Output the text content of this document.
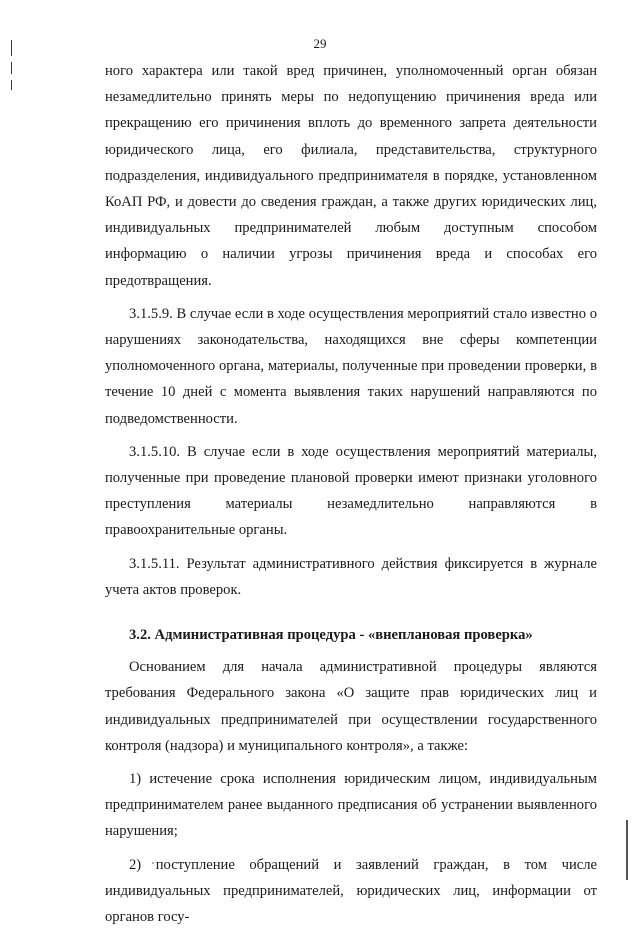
29

ного характера или такой вред причинен, уполномоченный орган обязан незамедлительно принять меры по недопущению причинения вреда или прекращению его причинения вплоть до временного запрета деятельности юридического лица, его филиала, представительства, структурного подразделения, индивидуального предпринимателя в порядке, установленном КоАП РФ, и довести до сведения граждан, а также других юридических лиц, индивидуальных предпринимателей любым доступным способом информацию о наличии угрозы причинения вреда и способах его предотвращения.

3.1.5.9. В случае если в ходе осуществления мероприятий стало известно о нарушениях законодательства, находящихся вне сферы компетенции уполномоченного органа, материалы, полученные при проведении проверки, в течение 10 дней с момента выявления таких нарушений направляются по подведомственности.

3.1.5.10. В случае если в ходе осуществления мероприятий материалы, полученные при проведение плановой проверки имеют признаки уголовного преступления материалы незамедлительно направляются в правоохранительные органы.

3.1.5.11. Результат административного действия фиксируется в журнале учета актов проверок.

3.2. Административная процедура - «внеплановая проверка»

Основанием для начала административной процедуры являются требования Федерального закона «О защите прав юридических лиц и индивидуальных предпринимателей при осуществлении государственного контроля (надзора) и муниципального контроля», а также:

1) истечение срока исполнения юридическим лицом, индивидуальным предпринимателем ранее выданного предписания об устранении выявленного нарушения;

2) поступление обращений и заявлений граждан, в том числе индивидуальных предпринимателей, юридических лиц, информации от органов госу-
